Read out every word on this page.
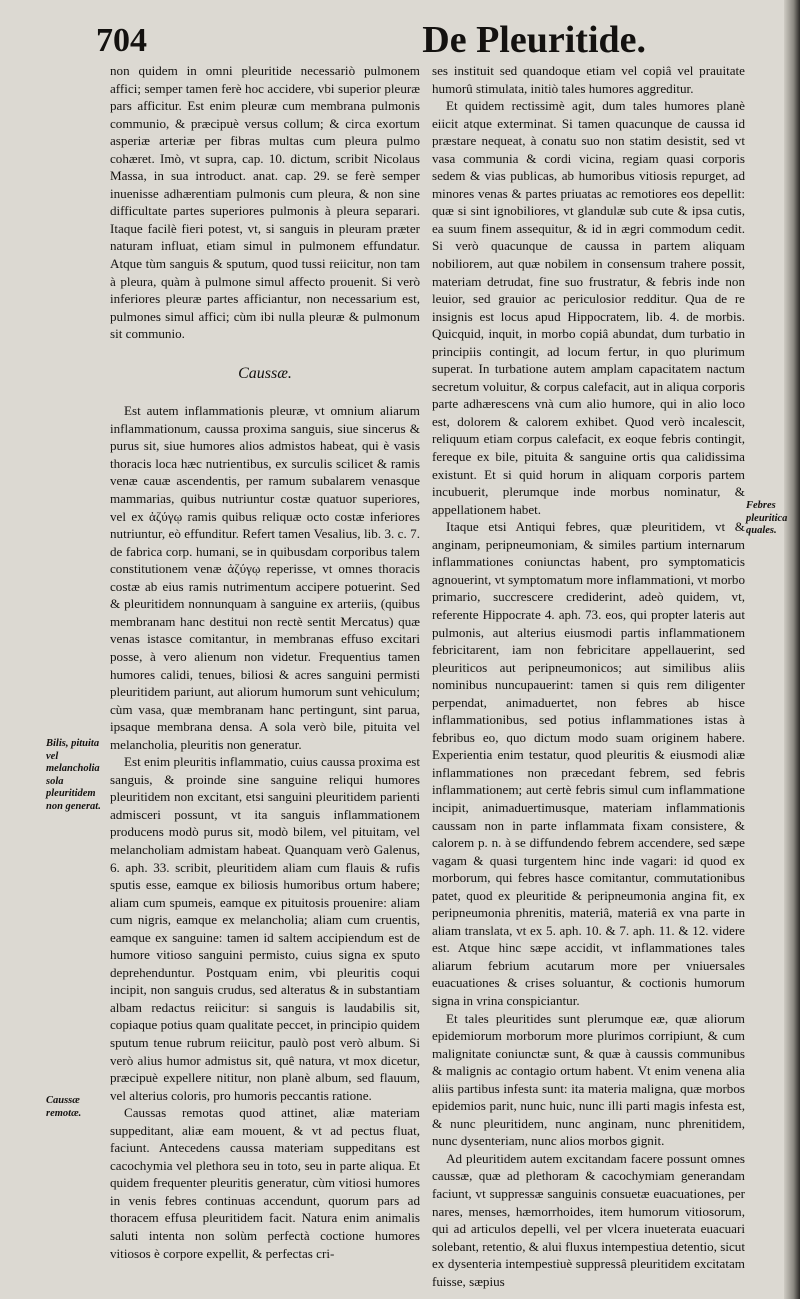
704	De Pleuritide.

non quidem in omni pleuritide necessariò pulmonem affici; semper tamen ferè hoc accidere, vbi superior pleuræ pars afficitur. Est enim pleuræ cum membrana pulmonis communio, & præcipuè versus collum; & circa exortum asperiæ arteriæ per fibras multas cum pleura pulmo cohæret. Imò, vt supra, cap. 10. dictum, scribit Nicolaus Massa, in sua introduct. anat. cap. 29. se ferè semper inuenisse adhærentiam pulmonis cum pleura, & non sine difficultate partes superiores pulmonis à pleura separari. Itaque facilè fieri potest, vt, si sanguis in pleuram præter naturam influat, etiam simul in pulmonem effundatur. Atque tùm sanguis & sputum, quod tussi reiicitur, non tam à pleura, quàm à pulmone simul affecto prouenit. Si verò inferiores pleuræ partes afficiantur, non necessarium est, pulmones simul affici; cùm ibi nulla pleuræ & pulmonum sit communio.

Caussæ.

Est autem inflammationis pleuræ, vt omnium aliarum inflammationum, caussa proxima sanguis, siue sincerus & purus sit, siue humores alios admistos habeat, qui è vasis thoracis loca hæc nutrientibus, ex surculis scilicet & ramis venæ cauæ ascendentis, per ramum subalarem venasque mammarias, quibus nutriuntur costæ quatuor superiores, vel ex ἀζύγῳ ramis quibus reliquæ octo costæ inferiores nutriuntur, eò effunditur. Refert tamen Vesalius, lib. 3. c. 7. de fabrica corp. humani, se in quibusdam corporibus talem constitutionem venæ ἀζύγῳ reperisse, vt omnes thoracis costæ ab eius ramis nutrimentum accipere potuerint. Sed & pleuritidem nonnunquam à sanguine ex arteriis, (quibus membranam hanc destitui non rectè sentit Mercatus) quæ venas istasce comitantur, in membranas effuso excitari posse, à vero alienum non videtur. Frequentius tamen humores calidi, tenues, biliosi & acres sanguini permisti pleuritidem pariunt, aut aliorum humorum sunt vehiculum; cùm vasa, quæ membranam hanc pertingunt, sint parua, ipsaque membrana densa. A sola verò bile, pituita vel melancholia, pleuritis non generatur.

Est enim pleuritis inflammatio, cuius caussa proxima est sanguis, & proinde sine sanguine reliqui humores pleuritidem non excitant, etsi sanguini pleuritidem parienti admisceri possunt, vt ita sanguis inflammationem producens modò purus sit, modò bilem, vel pituitam, vel melancholiam admistam habeat. Quanquam verò Galenus, 6. aph. 33. scribit, pleuritidem aliam cum flauis & rufis sputis esse, eamque ex biliosis humoribus ortum habere; aliam cum spumeis, eamque ex pituitosis prouenire: aliam cum nigris, eamque ex melancholia; aliam cum cruentis, eamque ex sanguine: tamen id saltem accipiendum est de humore vitioso sanguini permisto, cuius signa ex sputo deprehenduntur. Postquam enim, vbi pleuritis coqui incipit, non sanguis crudus, sed alteratus & in substantiam albam redactus reiicitur: si sanguis is laudabilis sit, copiaque potius quam qualitate peccet, in principio quidem sputum tenue rubrum reiicitur, paulò post verò album. Si verò alius humor admistus sit, quê natura, vt mox dicetur, præcipuè expellere nititur, non planè album, sed flauum, vel alterius coloris, pro humoris peccantis ratione.

Caussas remotas quod attinet, aliæ materiam suppeditant, aliæ eam mouent, & vt ad pectus fluat, faciunt. Antecedens caussa materiam suppeditans est cacochymia vel plethora seu in toto, seu in parte aliqua. Et quidem frequenter pleuritis generatur, cùm vitiosi humores in venis febres continuas accendunt, quorum pars ad thoracem effusa pleuritidem facit. Natura enim animalis saluti intenta non solùm perfectà coctione humores vitiosos è corpore expellit, & perfectas cri-

ses instituit sed quandoque etiam vel copiâ vel prauitate humorû stimulata, initiò tales humores aggreditur.

Et quidem rectissimè agit, dum tales humores planè eiicit atque exterminat. Si tamen quacunque de caussa id præstare nequeat, à conatu suo non statim desistit, sed vt vasa communia & cordi vicina, regiam quasi corporis sedem & vias publicas, ab humoribus vitiosis repurget, ad minores venas & partes priuatas ac remotiores eos depellit: quæ si sint ignobiliores, vt glandulæ sub cute & ipsa cutis, ea suum finem assequitur, & id in ægri commodum cedit. Si verò quacunque de caussa in partem aliquam nobiliorem, aut quæ nobilem in consensum trahere possit, materiam detrudat, fine suo frustratur, & febris inde non leuior, sed grauior ac periculosior redditur. Qua de re insignis est locus apud Hippocratem, lib. 4. de morbis. Quicquid, inquit, in morbo copiâ abundat, dum turbatio in principiis contingit, ad locum fertur, in quo plurimum superat. In turbatione autem amplam capacitatem nactum secretum voluitur, & corpus calefacit, aut in aliqua corporis parte adhærescens vnà cum alio humore, qui in alio loco est, dolorem & calorem exhibet. Quod verò incalescit, reliquum etiam corpus calefacit, ex eoque febris contingit, fereque ex bile, pituita & sanguine ortis qua calidissima existunt. Et si quid horum in aliquam corporis partem incubuerit, plerumque inde morbus nominatur, & appellationem habet.

Itaque etsi Antiqui febres, quæ pleuritidem, vt & anginam, peripneumoniam, & similes partium internarum inflammationes coniunctas habent, pro symptomaticis agnouerint, vt symptomatum more inflammationi, vt morbo primario, succrescere crediderint, adeò quidem, vt, referente Hippocrate 4. aph. 73. eos, qui propter lateris aut pulmonis, aut alterius eiusmodi partis inflammationem febricitarent, iam non febricitare appellauerint, sed pleuriticos aut peripneumonicos; aut similibus aliis nominibus nuncupauerint: tamen si quis rem diligenter perpendat, animaduertet, non febres ab hisce inflammationibus, sed potius inflammationes istas à febribus eo, quo dictum modo suam originem habere. Experientia enim testatur, quod pleuritis & eiusmodi aliæ inflammationes non præcedant febrem, sed febris inflammationem; aut certè febris simul cum inflammatione incipit, animaduertimusque, materiam inflammationis caussam non in parte inflammata fixam consistere, & calorem p. n. à se diffundendo febrem accendere, sed sæpe vagam & quasi turgentem hinc inde vagari: id quod ex morborum, qui febres hasce comitantur, commutationibus patet, quod ex pleuritide & peripneumonia angina fit, ex peripneumonia phrenitis, materiâ, materiâ ex vna parte in aliam translata, vt ex 5. aph. 10. & 7. aph. 11. & 12. videre est. Atque hinc sæpe accidit, vt inflammationes tales aliarum febrium acutarum more per vniuersales euacuationes & crises soluantur, & coctionis humorum signa in vrina conspiciantur.

Et tales pleuritides sunt plerumque eæ, quæ aliorum epidemiorum morborum more plurimos corripiunt, & cum malignitate coniunctæ sunt, & quæ à caussis communibus & malignis ac contagio ortum habent. Vt enim venena alia aliis partibus infesta sunt: ita materia maligna, quæ morbos epidemios parit, nunc huic, nunc illi parti magis infesta est, & nunc pleuritidem, nunc anginam, nunc phrenitidem, nunc dysenteriam, nunc alios morbos gignit.

Ad pleuritidem autem excitandam facere possunt omnes caussæ, quæ ad plethoram & cacochymiam generandam faciunt, vt suppressæ sanguinis consuetæ euacuationes, per nares, menses, hæmorrhoides, item humorum vitiosorum, qui ad articulos depelli, vel per vlcera inueterata euacuari solebant, retentio, & alui fluxus intempestiua detentio, sicut ex dysenteria intempestiuè suppressâ pleuritidem excitatam fuisse, sæpius

Bilis, pituita vel melancholia sola pleuritidem non generat.
Caussæ remotæ.
Febres pleuritica quales.
